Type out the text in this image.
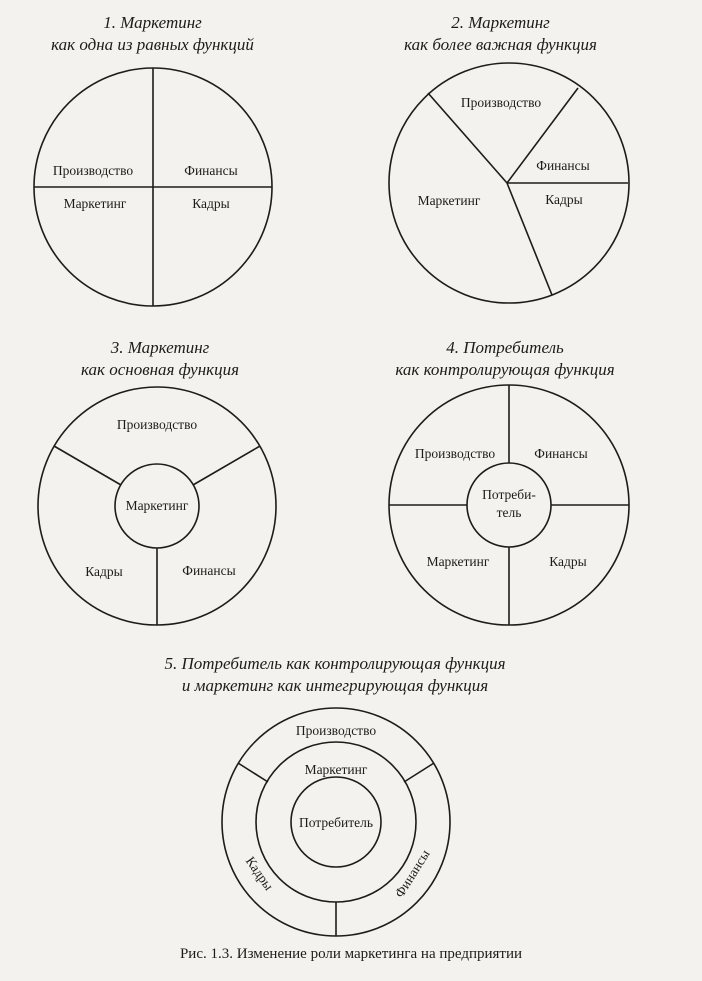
1. Маркетинг
как одна из равных функций
2. Маркетинг
как более важная функция
3. Маркетинг
как основная функция
4. Потребитель
как контролирующая функция
5. Потребитель как контролирующая функция
и маркетинг как интегрирующая функция
Производство	Финансы
Маркетинг	Кадры
Производство
Финансы
Маркетинг	Кадры
Производство
Маркетинг
Кадры	Финансы
Производство	Финансы
Потреби-
тель
Маркетинг	Кадры
Производство
Маркетинг
Потребитель
Кадры	Финансы
Рис. 1.3. Изменение роли маркетинга на предприятии
